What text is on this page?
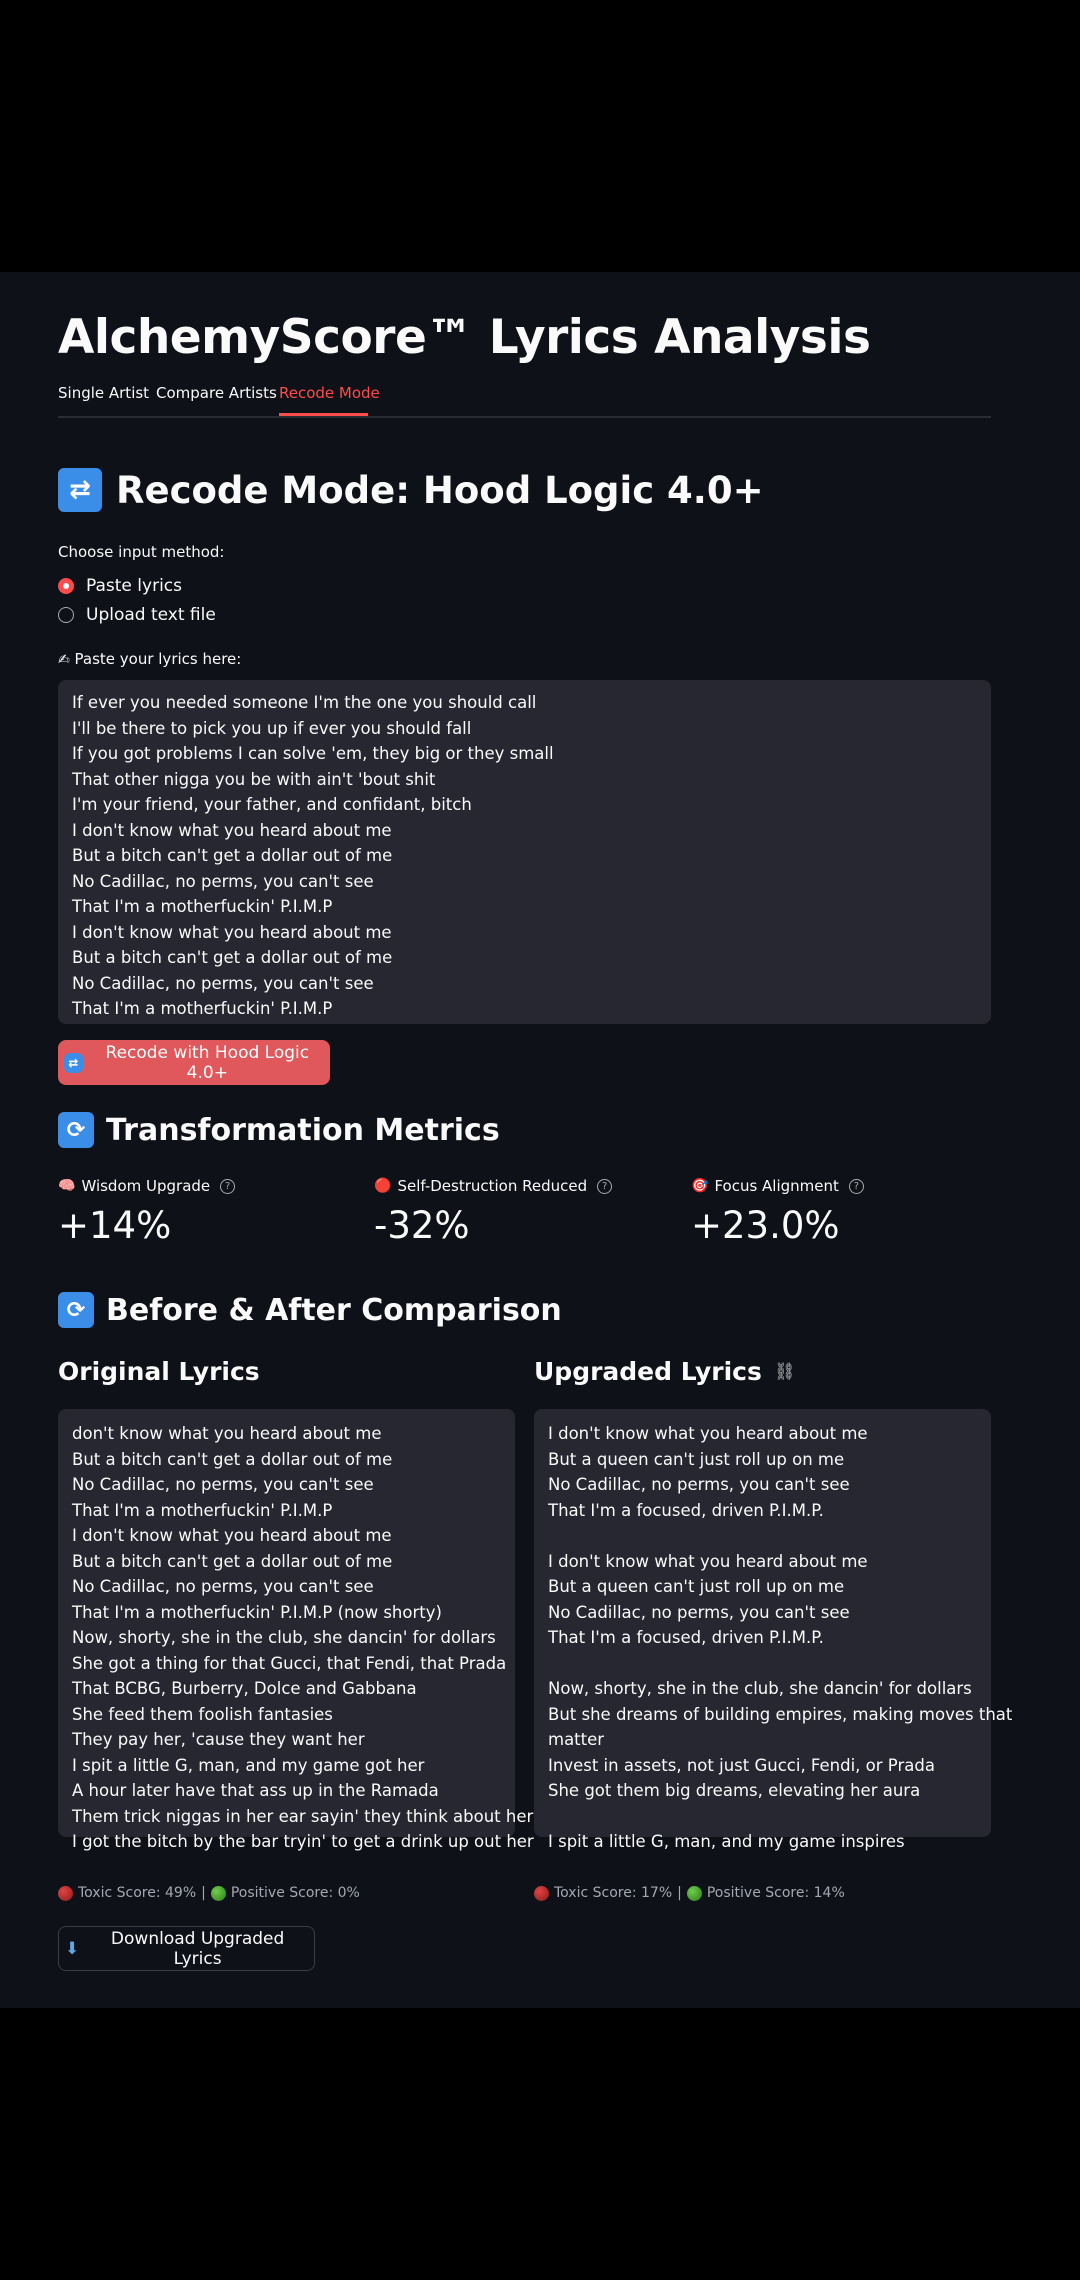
AlchemyScore™ Lyrics Analysis
Single Artist Compare Artists Recode Mode
⇄ Recode Mode: Hood Logic 4.0+
Choose input method:
Paste lyrics
Upload text file
✍ Paste your lyrics here:
If ever you needed someone I'm the one you should call
I'll be there to pick you up if ever you should fall
If you got problems I can solve 'em, they big or they small
That other nigga you be with ain't 'bout shit
I'm your friend, your father, and confidant, bitch
I don't know what you heard about me
But a bitch can't get a dollar out of me
No Cadillac, no perms, you can't see
That I'm a motherfuckin' P.I.M.P
I don't know what you heard about me
But a bitch can't get a dollar out of me
No Cadillac, no perms, you can't see
That I'm a motherfuckin' P.I.M.P
⇄	Recode with Hood Logic 4.0+
⟳ Transformation Metrics
🧠 Wisdom Upgrade	?
+14%
🔴 Self-Destruction Reduced	?
-32%
🎯 Focus Alignment	?
+23.0%
⟳ Before & After Comparison
Original Lyrics	Upgraded Lyrics ⛓
don't know what you heard about me
But a bitch can't get a dollar out of me
No Cadillac, no perms, you can't see
That I'm a motherfuckin' P.I.M.P
I don't know what you heard about me
But a bitch can't get a dollar out of me
No Cadillac, no perms, you can't see
That I'm a motherfuckin' P.I.M.P (now shorty)
Now, shorty, she in the club, she dancin' for dollars
She got a thing for that Gucci, that Fendi, that Prada
That BCBG, Burberry, Dolce and Gabbana
She feed them foolish fantasies
They pay her, 'cause they want her
I spit a little G, man, and my game got her
A hour later have that ass up in the Ramada
Them trick niggas in her ear sayin' they think about her
I got the bitch by the bar tryin' to get a drink up out her
I don't know what you heard about me
But a queen can't just roll up on me
No Cadillac, no perms, you can't see
That I'm a focused, driven P.I.M.P.

I don't know what you heard about me
But a queen can't just roll up on me
No Cadillac, no perms, you can't see
That I'm a focused, driven P.I.M.P.

Now, shorty, she in the club, she dancin' for dollars
But she dreams of building empires, making moves that
matter
Invest in assets, not just Gucci, Fendi, or Prada
She got them big dreams, elevating her aura

I spit a little G, man, and my game inspires
Toxic Score: 49% | Positive Score: 0%	Toxic Score: 17% | Positive Score: 14%
⬇	Download Upgraded Lyrics
